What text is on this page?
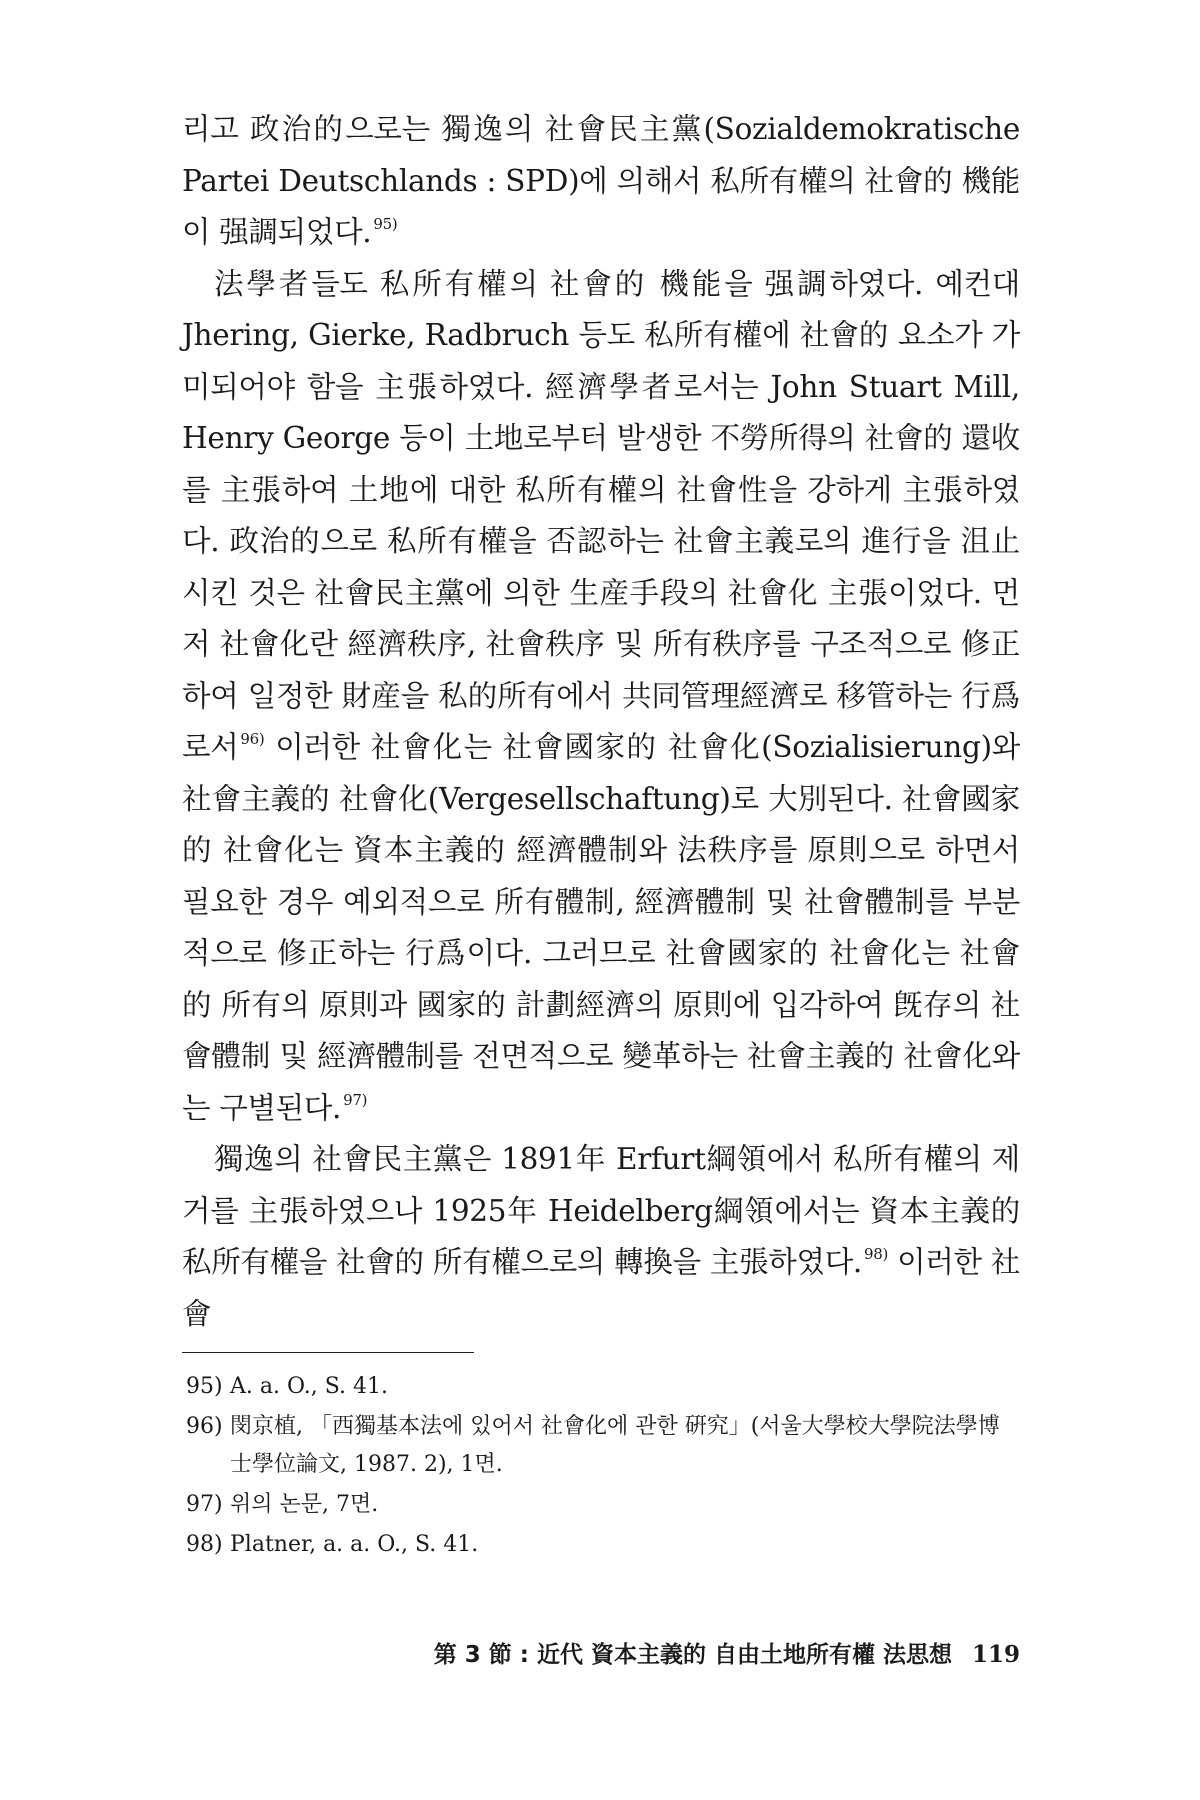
리고 政治的으로는 獨逸의 社會民主黨(Sozialdemokratische Partei Deutschlands : SPD)에 의해서 私所有權의 社會的 機能이 强調되었다. $^{95)}$

法學者들도 私所有權의 社會的 機能을 强調하였다. 예컨대 Jhering, Gierke, Radbruch 등도 私所有權에 社會的 요소가 가미되어야 함을 主張하였다. 經濟學者로서는 John Stuart Mill, Henry George 등이 土地로부터 발생한 不勞所得의 社會的 還收를 主張하여 土地에 대한 私所有權의 社會性을 강하게 主張하였다. 政治的으로 私所有權을 否認하는 社會主義로의 進行을 沮止시킨 것은 社會民主黨에 의한 生産手段의 社會化 主張이었다. 먼저 社會化란 經濟秩序, 社會秩序 및 所有秩序를 구조적으로 修正하여 일정한 財産을 私的所有에서 共同管理經濟로 移管하는 行爲로서 $^{96)}$ 이러한 社會化는 社會國家的 社會化(Sozialisierung)와 社會主義的 社會化(Vergesellschaftung)로 大別된다. 社會國家的 社會化는 資本主義的 經濟體制와 法秩序를 原則으로 하면서 필요한 경우 예외적으로 所有體制, 經濟體制 및 社會體制를 부분적으로 修正하는 行爲이다. 그러므로 社會國家的 社會化는 社會的 所有의 原則과 國家的 計劃經濟의 原則에 입각하여 旣存의 社會體制 및 經濟體制를 전면적으로 變革하는 社會主義的 社會化와는 구별된다. $^{97)}$

獨逸의 社會民主黨은 1891年 Erfurt綱領에서 私所有權의 제거를 主張하였으나 1925年 Heidelberg綱領에서는 資本主義的 私所有權을 社會的 所有權으로의 轉換을 主張하였다. $^{98)}$ 이러한 社會

95) A. a. O., S. 41.
96) 閔京植, 「西獨基本法에 있어서 社會化에 관한 硏究」(서울大學校大學院法學博士學位論文, 1987. 2), 1면.
97) 위의 논문, 7면.
98) Platner, a. a. O., S. 41.
第 3 節 : 近代 資本主義的 自由土地所有權 法思想 119
